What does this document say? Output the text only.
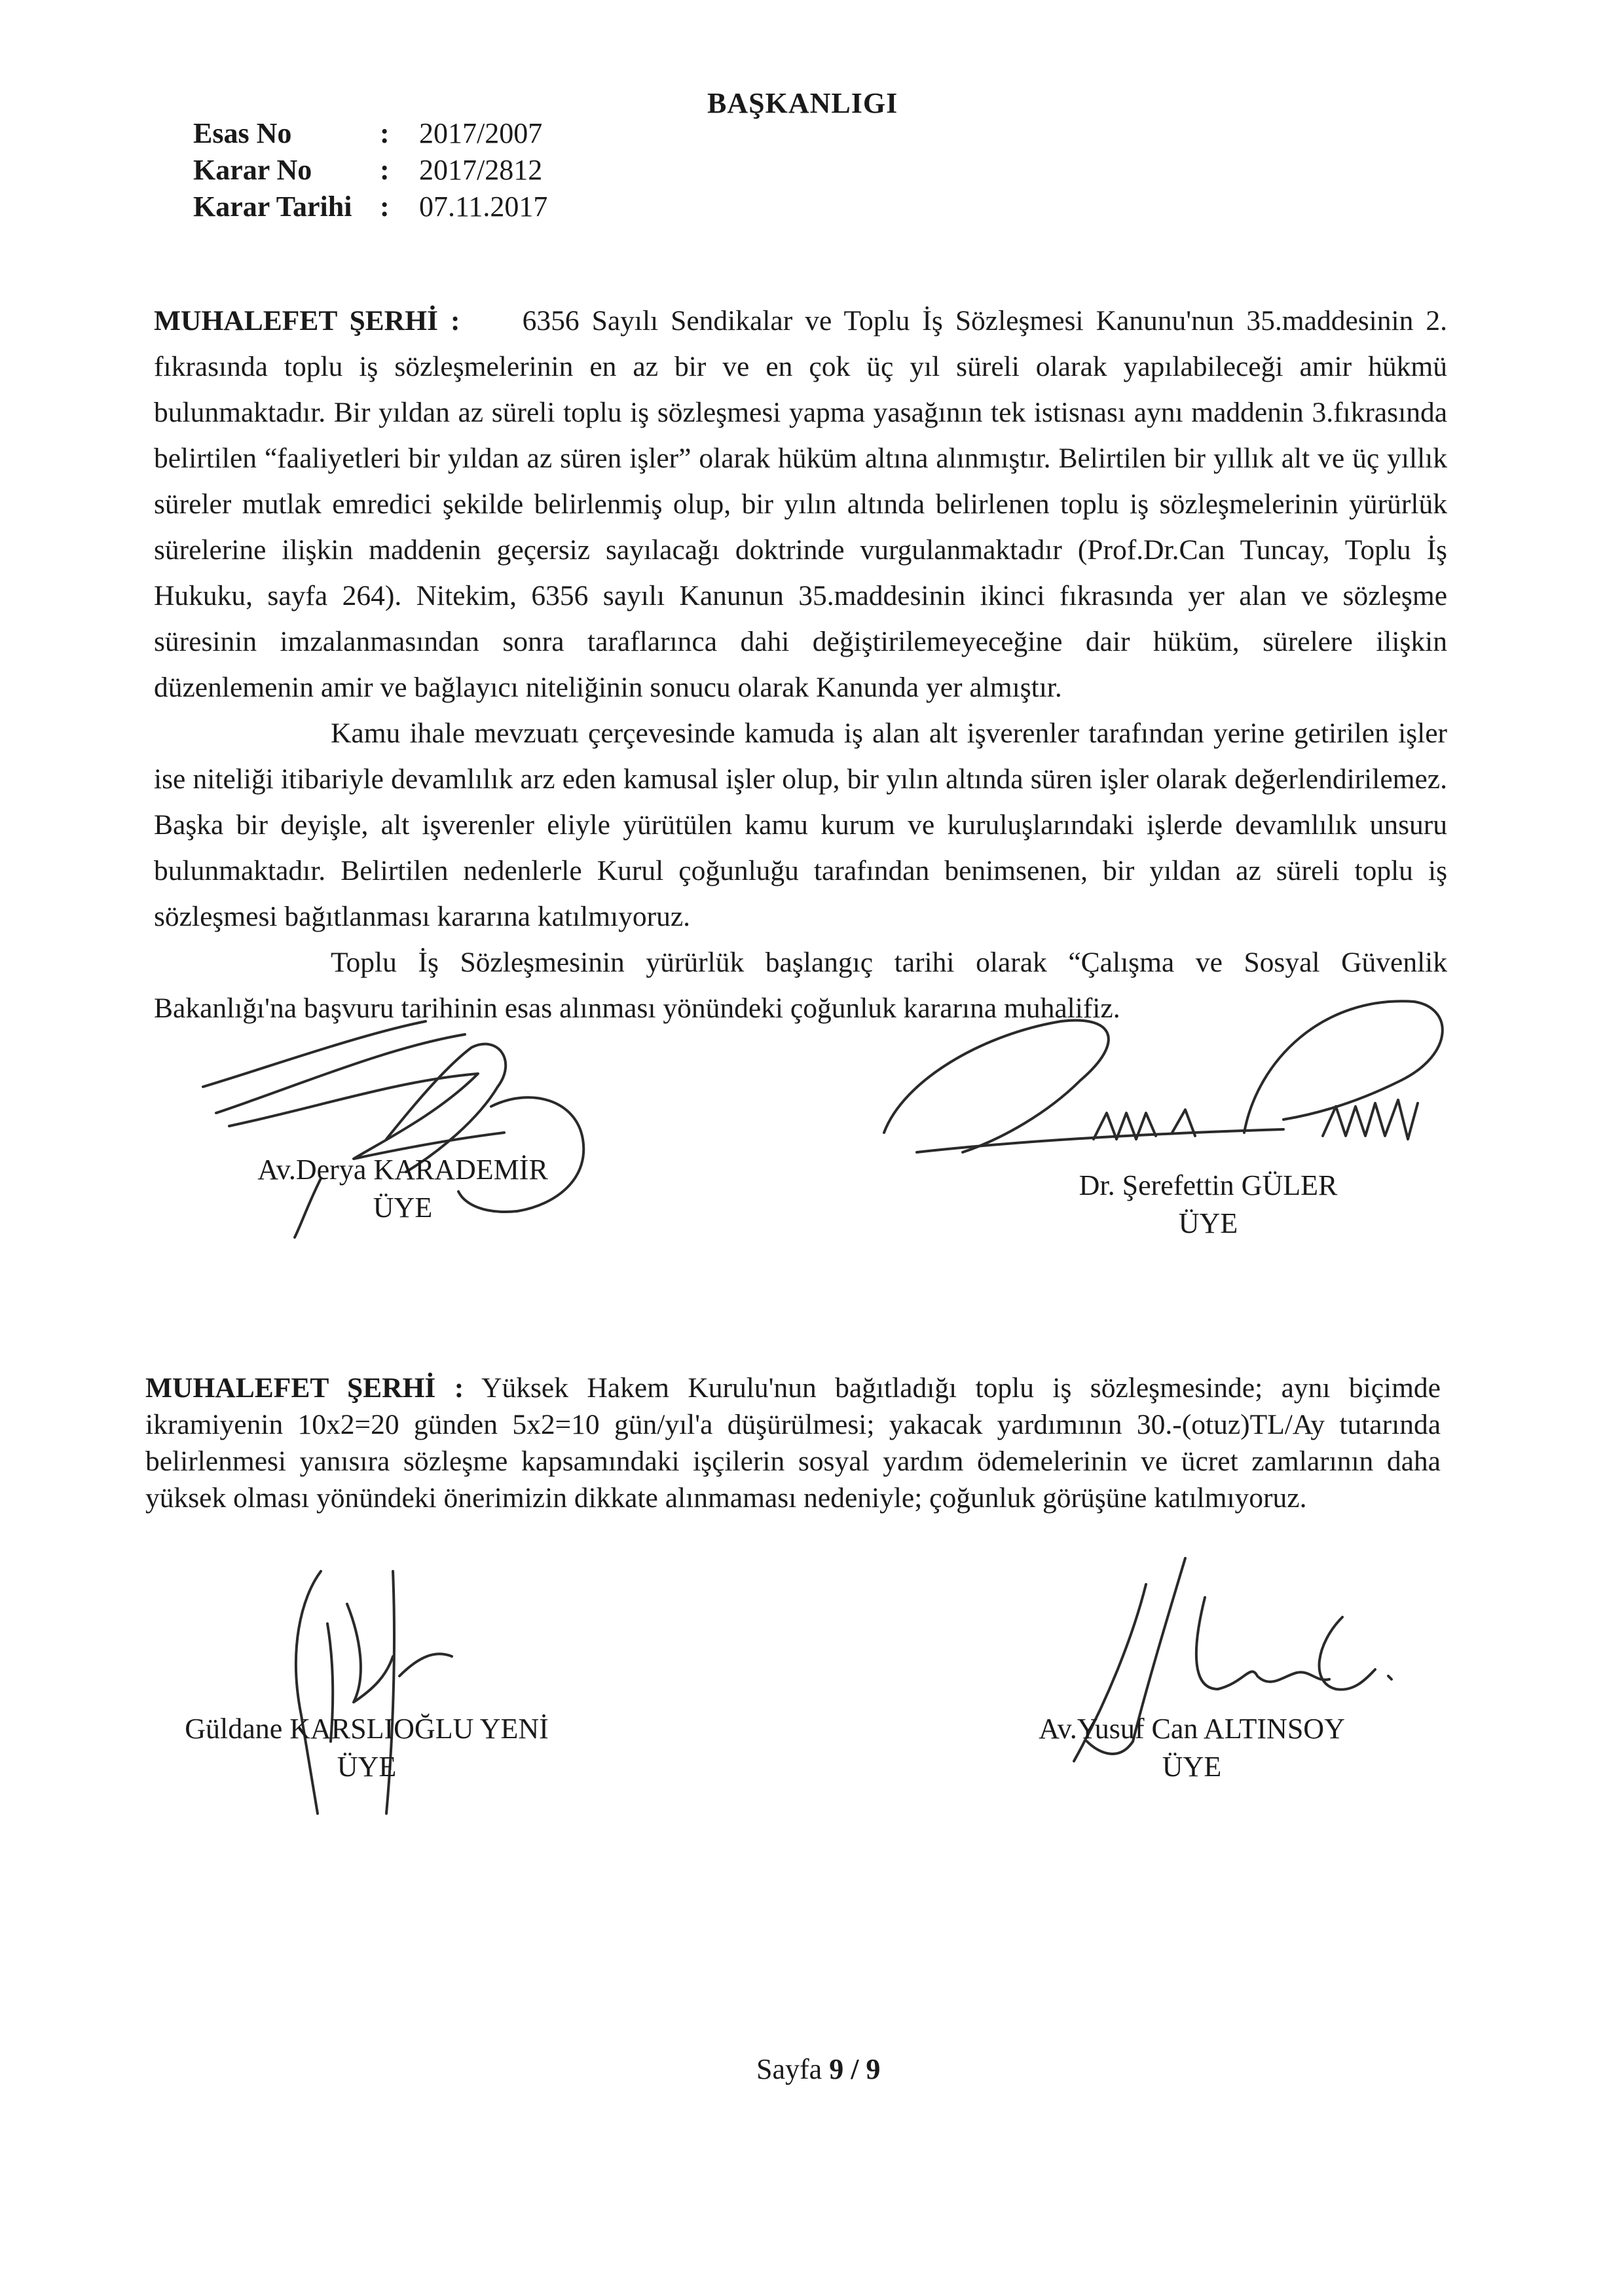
BAŞKANLIGI
Esas No	: 2017/2007
Karar No : 2017/2812
Karar Tarihi : 07.11.2017

MUHALEFET ŞERHİ : 6356 Sayılı Sendikalar ve Toplu İş Sözleşmesi Kanunu'nun 35.maddesinin 2. fıkrasında toplu iş sözleşmelerinin en az bir ve en çok üç yıl süreli olarak yapılabileceği amir hükmü bulunmaktadır. Bir yıldan az süreli toplu iş sözleşmesi yapma yasağının tek istisnası aynı maddenin 3.fıkrasında belirtilen “faaliyetleri bir yıldan az süren işler” olarak hüküm altına alınmıştır. Belirtilen bir yıllık alt ve üç yıllık süreler mutlak emredici şekilde belirlenmiş olup, bir yılın altında belirlenen toplu iş sözleşmelerinin yürürlük sürelerine ilişkin maddenin geçersiz sayılacağı doktrinde vurgulanmaktadır (Prof.Dr.Can Tuncay, Toplu İş Hukuku, sayfa 264). Nitekim, 6356 sayılı Kanunun 35.maddesinin ikinci fıkrasında yer alan ve sözleşme süresinin imzalanmasından sonra taraflarınca dahi değiştirilemeyeceğine dair hüküm, sürelere ilişkin düzenlemenin amir ve bağlayıcı niteliğinin sonucu olarak Kanunda yer almıştır.

Kamu ihale mevzuatı çerçevesinde kamuda iş alan alt işverenler tarafından yerine getirilen işler ise niteliği itibariyle devamlılık arz eden kamusal işler olup, bir yılın altında süren işler olarak değerlendirilemez. Başka bir deyişle, alt işverenler eliyle yürütülen kamu kurum ve kuruluşlarındaki işlerde devamlılık unsuru bulunmaktadır. Belirtilen nedenlerle Kurul çoğunluğu tarafından benimsenen, bir yıldan az süreli toplu iş sözleşmesi bağıtlanması kararına katılmıyoruz.

Toplu İş Sözleşmesinin yürürlük başlangıç tarihi olarak “Çalışma ve Sosyal Güvenlik Bakanlığı'na başvuru tarihinin esas alınması yönündeki çoğunluk kararına muhalifiz.

Av.Derya KARADEMİR
ÜYE
Dr. Şerefettin GÜLER
ÜYE

MUHALEFET ŞERHİ : Yüksek Hakem Kurulu'nun bağıtladığı toplu iş sözleşmesinde; aynı biçimde ikramiyenin 10x2=20 günden 5x2=10 gün/yıl'a düşürülmesi; yakacak yardımının 30.-(otuz)TL/Ay tutarında belirlenmesi yanısıra sözleşme kapsamındaki işçilerin sosyal yardım ödemelerinin ve ücret zamlarının daha yüksek olması yönündeki önerimizin dikkate alınmaması nedeniyle; çoğunluk görüşüne katılmıyoruz.

Güldane KARSLIOĞLU YENİ
ÜYE
Av.Yusuf Can ALTINSOY
ÜYE
Sayfa 9 / 9
